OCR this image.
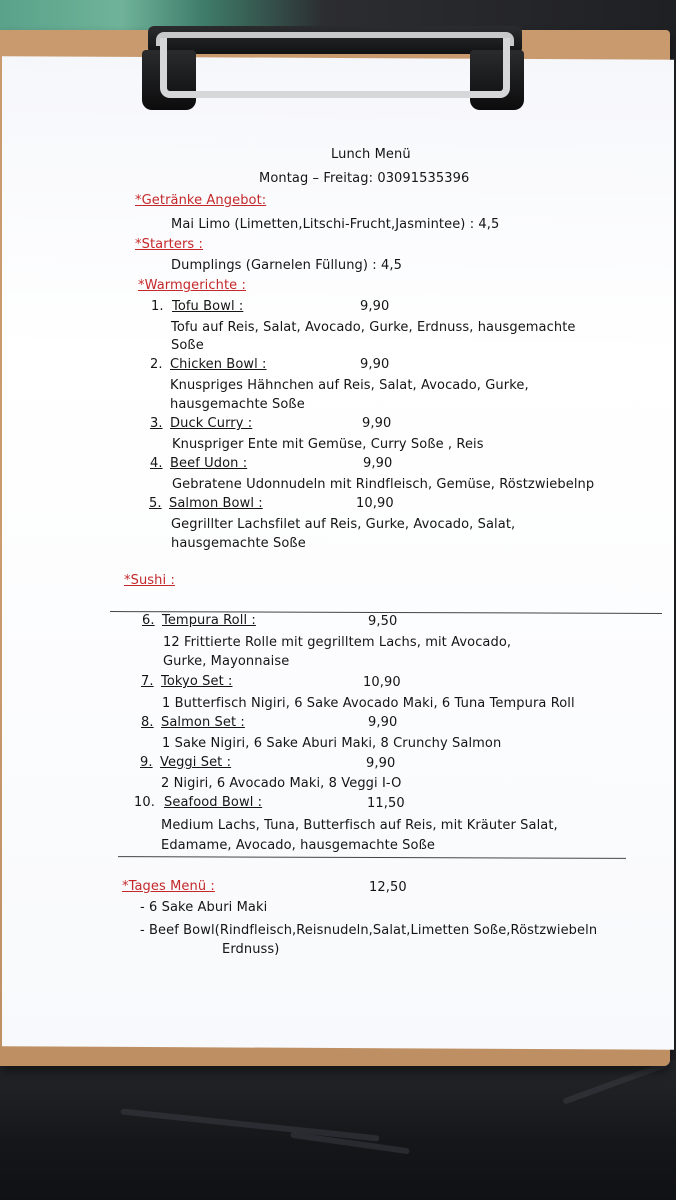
Lunch Menü
Montag – Freitag: 03091535396
*Getränke Angebot:
Mai Limo (Limetten,Litschi-Frucht,Jasmintee) : 4,5
*Starters :
Dumplings (Garnelen Füllung) : 4,5
*Warmgerichte :
1. Tofu Bowl :	9,90
Tofu auf Reis, Salat, Avocado, Gurke, Erdnuss, hausgemachte
Soße
2. Chicken Bowl :	9,90
Knuspriges Hähnchen auf Reis, Salat, Avocado, Gurke,
hausgemachte Soße
3. Duck Curry :	9,90
Knuspriger Ente mit Gemüse, Curry Soße , Reis
4. Beef Udon :	9,90
Gebratene Udonnudeln mit Rindfleisch, Gemüse, Röstzwiebelnp
5. Salmon Bowl :	10,90
Gegrillter Lachsfilet auf Reis, Gurke, Avocado, Salat,
hausgemachte Soße
*Sushi :
6. Tempura Roll :	9,50
12 Frittierte Rolle mit gegrilltem Lachs, mit Avocado,
Gurke, Mayonnaise
7. Tokyo Set :	10,90
1 Butterfisch Nigiri, 6 Sake Avocado Maki, 6 Tuna Tempura Roll
8. Salmon Set :	9,90
1 Sake Nigiri, 6 Sake Aburi Maki, 8 Crunchy Salmon
9. Veggi Set :	9,90
2 Nigiri, 6 Avocado Maki, 8 Veggi I-O
10. Seafood Bowl :	11,50
Medium Lachs, Tuna, Butterfisch auf Reis, mit Kräuter Salat,
Edamame, Avocado, hausgemachte Soße
*Tages Menü :	12,50
- 6 Sake Aburi Maki
- Beef Bowl(Rindfleisch,Reisnudeln,Salat,Limetten Soße,Röstzwiebeln
Erdnuss)
